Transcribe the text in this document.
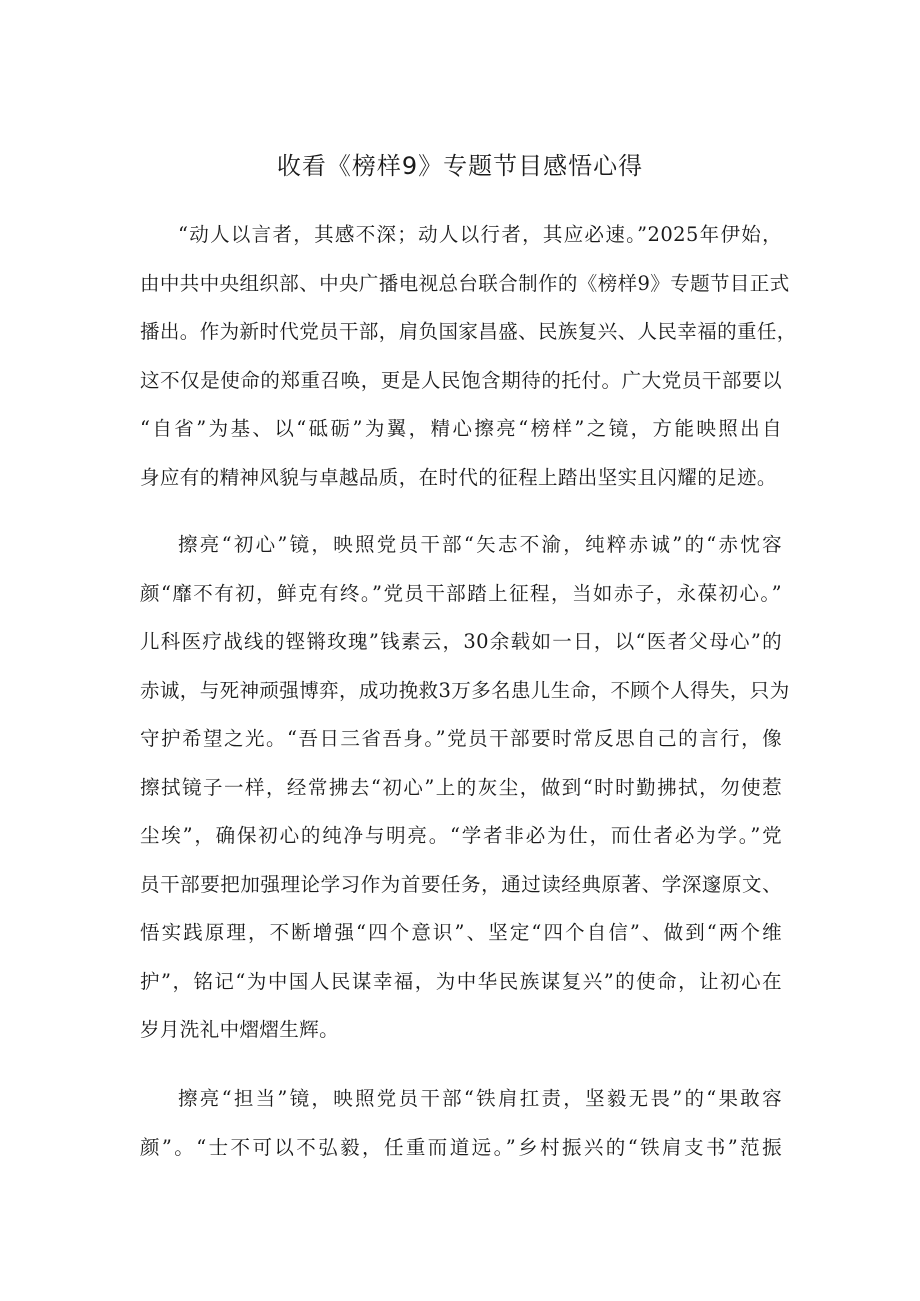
收看《榜样9》专题节目感悟心得
“动人以言者，其感不深；动人以行者，其应必速。”2025年伊始，
由中共中央组织部、中央广播电视总台联合制作的《榜样9》专题节目正式
播出。作为新时代党员干部，肩负国家昌盛、民族复兴、人民幸福的重任，
这不仅是使命的郑重召唤，更是人民饱含期待的托付。广大党员干部要以
“自省”为基、以“砥砺”为翼，精心擦亮“榜样”之镜，方能映照出自
身应有的精神风貌与卓越品质，在时代的征程上踏出坚实且闪耀的足迹。
擦亮“初心”镜，映照党员干部“矢志不渝，纯粹赤诚”的“赤忱容
颜“靡不有初，鲜克有终。”党员干部踏上征程，当如赤子，永葆初心。”
儿科医疗战线的铿锵玫瑰”钱素云，30余载如一日，以“医者父母心”的
赤诚，与死神顽强博弈，成功挽救3万多名患儿生命，不顾个人得失，只为
守护希望之光。“吾日三省吾身。”党员干部要时常反思自己的言行，像
擦拭镜子一样，经常拂去“初心”上的灰尘，做到“时时勤拂拭，勿使惹
尘埃”，确保初心的纯净与明亮。“学者非必为仕，而仕者必为学。”党
员干部要把加强理论学习作为首要任务，通过读经典原著、学深邃原文、
悟实践原理，不断增强“四个意识”、坚定“四个自信”、做到“两个维
护”，铭记“为中国人民谋幸福，为中华民族谋复兴”的使命，让初心在
岁月洗礼中熠熠生辉。
擦亮“担当”镜，映照党员干部“铁肩扛责，坚毅无畏”的“果敢容
颜”。“士不可以不弘毅，任重而道远。”乡村振兴的“铁肩支书”范振
